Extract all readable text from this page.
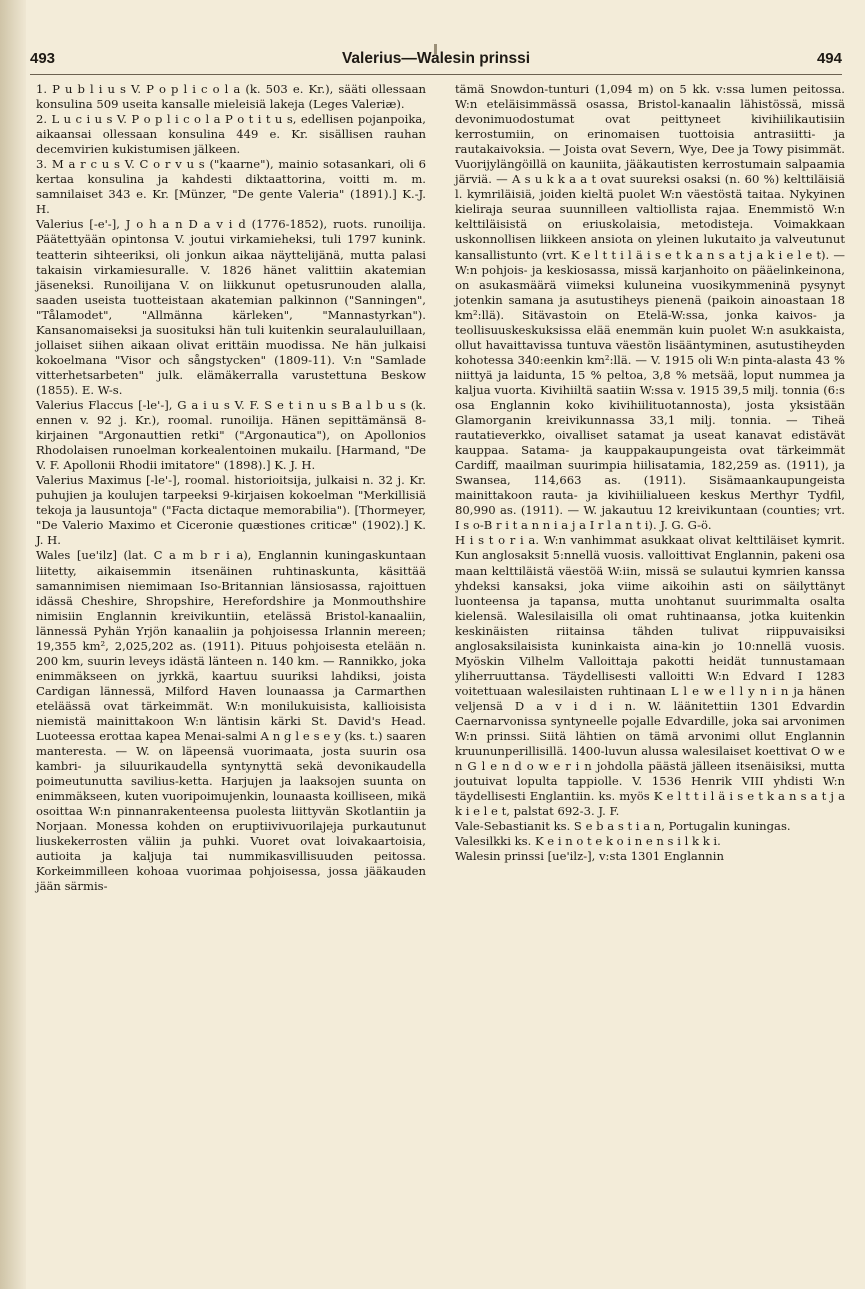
493	Valerius—Walesin prinssi	494

1. P u b l i u s V. P o p l i c o l a (k. 503 e. Kr.), sääti ollessaan konsulina 509 useita kansalle mieleisiä lakeja (Leges Valeriæ).

2. L u c i u s V. P o p l i c o l a P o t i t u s, edellisen pojanpoika, aikaansai ollessaan konsulina 449 e. Kr. sisällisen rauhan decemvirien kukistumisen jälkeen.

3. M a r c u s V. C o r v u s ("kaarne"), mainio sotasankari, oli 6 kertaa konsulina ja kahdesti diktaattorina, voitti m. m. samnilaiset 343 e. Kr. [Münzer, "De gente Valeria" (1891).] K.-J. H.

Valerius [-e'-], J o h a n D a v i d (1776-1852), ruots. runoilija. Päätettyään opintonsa V. joutui virkamieheksi, tuli 1797 kunink. teatterin sihteeriksi, oli jonkun aikaa näyttelijänä, mutta palasi takaisin virkamiesuralle. V. 1826 hänet valittiin akatemian jäseneksi. Runoilijana V. on liikkunut opetusrunouden alalla, saaden useista tuotteistaan akatemian palkinnon ("Sanningen", "Tålamodet", "Allmänna kärleken", "Mannastyrkan"). Kansanomaiseksi ja suosituksi hän tuli kuitenkin seuralauluillaan, jollaiset siihen aikaan olivat erittäin muodissa. Ne hän julkaisi kokoelmana "Visor och sångstycken" (1809-11). V:n "Samlade vitterhetsarbeten" julk. elämäkerralla varustettuna Beskow (1855). E. W-s.

Valerius Flaccus [-le'-], G a i u s V. F. S e t i n u s B a l b u s (k. ennen v. 92 j. Kr.), roomal. runoilija. Hänen sepittämänsä 8-kirjainen "Argonauttien retki" ("Argonautica"), on Apollonios Rhodolaisen runoelman korkealentoinen mukailu. [Harmand, "De V. F. Apollonii Rhodii imitatore" (1898).] K. J. H.

Valerius Maximus [-le'-], roomal. historioitsija, julkaisi n. 32 j. Kr. puhujien ja koulujen tarpeeksi 9-kirjaisen kokoelman "Merkillisiä tekoja ja lausuntoja" ("Facta dictaque memorabilia"). [Thormeyer, "De Valerio Maximo et Ciceronie quæstiones criticæ" (1902).] K. J. H.

Wales [ue'ilz] (lat. C a m b r i a), Englannin kuningaskuntaan liitetty, aikaisemmin itsenäinen ruhtinaskunta, käsittää samannimisen niemimaan Iso-Britannian länsiosassa, rajoittuen idässä Cheshire, Shropshire, Herefordshire ja Monmouthshire nimisiin Englannin kreivikuntiin, etelässä Bristol-kanaaliin, lännessä Pyhän Yrjön kanaaliin ja pohjoisessa Irlannin mereen; 19,355 km², 2,025,202 as. (1911). Pituus pohjoisesta etelään n. 200 km, suurin leveys idästä länteen n. 140 km. — Rannikko, joka enimmäkseen on jyrkkä, kaartuu suuriksi lahdiksi, joista Cardigan lännessä, Milford Haven lounaassa ja Carmarthen eteläässä ovat tärkeimmät. W:n monilukuisista, kallioisista niemistä mainittakoon W:n läntisin kärki St. David's Head. Luoteessa erottaa kapea Menai-salmi A n g l e s e y (ks. t.) saaren manteresta. — W. on läpeensä vuorimaata, josta suurin osa kambri- ja siluurikaudella syntynyttä sekä devonikaudella poimeutunutta savilius-ketta. Harjujen ja laaksojen suunta on enimmäkseen, kuten vuoripoimujenkin, lounaasta koilliseen, mikä osoittaa W:n pinnanrakenteensa puolesta liittyvän Skotlantiin ja Norjaan. Monessa kohden on eruptiivivuorilajeja purkautunut liuskekerrosten väliin ja puhki. Vuoret ovat loivakaartoisia, autioita ja kaljuja tai nummikasvillisuuden peitossa. Korkeimmilleen kohoaa vuorimaa pohjoisessa, jossa jääkauden jään särmis-

tämä Snowdon-tunturi (1,094 m) on 5 kk. v:ssa lumen peitossa. W:n eteläisimmässä osassa, Bristol-kanaalin lähistössä, missä devonimuodostumat ovat peittyneet kivihiilikautisiin kerrostumiin, on erinomaisen tuottoisia antrasiitti- ja rautakaivoksia. — Joista ovat Severn, Wye, Dee ja Towy pisimmät. Vuorijylängöillä on kauniita, jääkautisten kerrostumain salpaamia järviä. — A s u k k a a t ovat suureksi osaksi (n. 60 %) kelttiläisiä l. kymriläisiä, joiden kieltä puolet W:n väestöstä taitaa. Nykyinen kieliraja seuraa suunnilleen valtiollista rajaa. Enemmistö W:n kelttiläisistä on eriuskolaisia, metodisteja. Voimakkaan uskonnollisen liikkeen ansiota on yleinen lukutaito ja valveutunut kansallistunto (vrt. K e l t t i l ä i s e t k a n s a t j a k i e l e t). — W:n pohjois- ja keskiosassa, missä karjanhoito on pääelinkeinona, on asukasmäärä viimeksi kuluneina vuosikymmeninä pysynyt jotenkin samana ja asutustiheys pienenä (paikoin ainoastaan 18 km²:llä). Sitävastoin on Etelä-W:ssa, jonka kaivos- ja teollisuuskeskuksissa elää enemmän kuin puolet W:n asukkaista, ollut havaittavissa tuntuva väestön lisääntyminen, asutustiheyden kohotessa 340:eenkin km²:llä. — V. 1915 oli W:n pinta-alasta 43 % niittyä ja laidunta, 15 % peltoa, 3,8 % metsää, loput nummea ja kaljua vuorta. Kivihiiltä saatiin W:ssa v. 1915 39,5 milj. tonnia (6:s osa Englannin koko kivihiilituotannosta), josta yksistään Glamorganin kreivikunnassa 33,1 milj. tonnia. — Tiheä rautatieverkko, oivalliset satamat ja useat kanavat edistävät kauppaa. Satama- ja kauppakaupungeista ovat tärkeimmät Cardiff, maailman suurimpia hiilisatamia, 182,259 as. (1911), ja Swansea, 114,663 as. (1911). Sisämaankaupungeista mainittakoon rauta- ja kivihiilialueen keskus Merthyr Tydfil, 80,990 as. (1911). — W. jakautuu 12 kreivikuntaan (counties; vrt. I s o-B r i t a n n i a j a I r l a n t i). J. G. G-ö.

H i s t o r i a. W:n vanhimmat asukkaat olivat kelttiläiset kymrit. Kun anglosaksit 5:nnellä vuosis. valloittivat Englannin, pakeni osa maan kelttiläistä väestöä W:iin, missä se sulautui kymrien kanssa yhdeksi kansaksi, joka viime aikoihin asti on säilyttänyt luonteensa ja tapansa, mutta unohtanut suurimmalta osalta kielensä. Walesilaisilla oli omat ruhtinaansa, jotka kuitenkin keskinäisten riitainsa tähden tulivat riippuvaisiksi anglosaksilaisista kuninkaista aina-kin jo 10:nnellä vuosis. Myöskin Vilhelm Valloittaja pakotti heidät tunnustamaan yliherruuttansa. Täydellisesti valloitti W:n Edvard I 1283 voitettuaan walesilaisten ruhtinaan L l e w e l l y n i n ja hänen veljensä D a v i d i n. W. läänitettiin 1301 Edvardin Caernarvonissa syntyneelle pojalle Edvardille, joka sai arvonimen W:n prinssi. Siitä lähtien on tämä arvonimi ollut Englannin kruununperillisillä. 1400-luvun alussa walesilaiset koettivat O w e n G l e n d o w e r i n johdolla päästä jälleen itsenäisiksi, mutta joutuivat lopulta tappiolle. V. 1536 Henrik VIII yhdisti W:n täydellisesti Englantiin. ks. myös K e l t t i l ä i s e t k a n s a t j a k i e l e t, palstat 692-3. J. F.

Vale-Sebastianit ks. S e b a s t i a n, Portugalin kuningas.

Valesilkki ks. K e i n o t e k o i n e n s i l k k i.

Walesin prinssi [ue'ilz-], v:sta 1301 Englannin
